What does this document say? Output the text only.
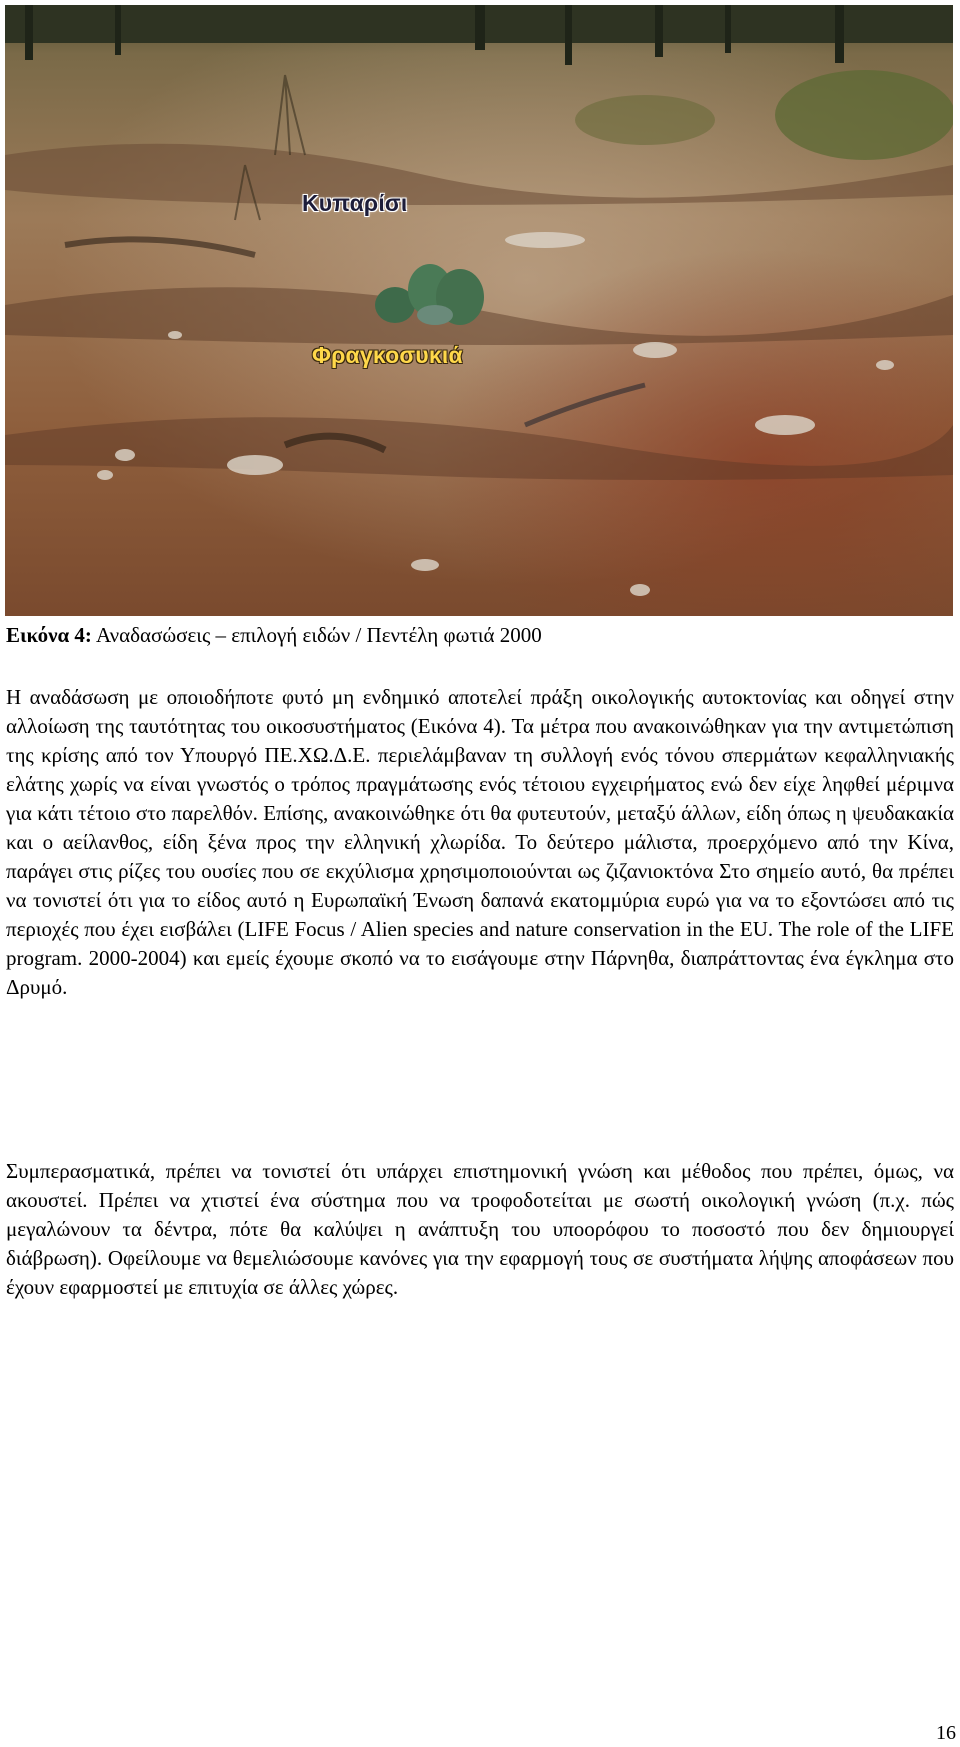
Κυπαρίσι
Φραγκοσυκιά
Εικόνα 4: Αναδασώσεις – επιλογή ειδών / Πεντέλη φωτιά 2000

Η αναδάσωση με οποιοδήποτε φυτό μη ενδημικό αποτελεί πράξη οικολογικής αυτοκτονίας και οδηγεί στην αλλοίωση της ταυτότητας του οικοσυστήματος (Εικόνα 4). Τα μέτρα που ανακοινώθηκαν για την αντιμετώπιση της κρίσης από τον Υπουργό ΠΕ.ΧΩ.Δ.Ε. περιελάμβαναν τη συλλογή ενός τόνου σπερμάτων κεφαλληνιακής ελάτης χωρίς να είναι γνωστός ο τρόπος πραγμάτωσης ενός τέτοιου εγχειρήματος ενώ δεν είχε ληφθεί μέριμνα για κάτι τέτοιο στο παρελθόν. Επίσης, ανακοινώθηκε ότι θα φυτευτούν, μεταξύ άλλων, είδη όπως η ψευδακακία και ο αείλανθος, είδη ξένα προς την ελληνική χλωρίδα. Το δεύτερο μάλιστα, προερχόμενο από την Κίνα, παράγει στις ρίζες του ουσίες που σε εκχύλισμα χρησιμοποιούνται ως ζιζανιοκτόνα Στο σημείο αυτό, θα πρέπει να τονιστεί ότι για το είδος αυτό η Ευρωπαϊκή Ένωση δαπανά εκατομμύρια ευρώ για να το εξοντώσει από τις περιοχές που έχει εισβάλει (LIFE Focus / Alien species and nature conservation in the EU. The role of the LIFE program. 2000-2004) και εμείς έχουμε σκοπό να το εισάγουμε στην Πάρνηθα, διαπράττοντας ένα έγκλημα στο Δρυμό.

Συμπερασματικά, πρέπει να τονιστεί ότι υπάρχει επιστημονική γνώση και μέθοδος που πρέπει, όμως, να ακουστεί. Πρέπει να χτιστεί ένα σύστημα που να τροφοδοτείται με σωστή οικολογική γνώση (π.χ. πώς μεγαλώνουν τα δέντρα, πότε θα καλύψει η ανάπτυξη του υποορόφου το ποσοστό που δεν δημιουργεί διάβρωση). Οφείλουμε να θεμελιώσουμε κανόνες για την εφαρμογή τους σε συστήματα λήψης αποφάσεων που έχουν εφαρμοστεί με επιτυχία σε άλλες χώρες.

16
